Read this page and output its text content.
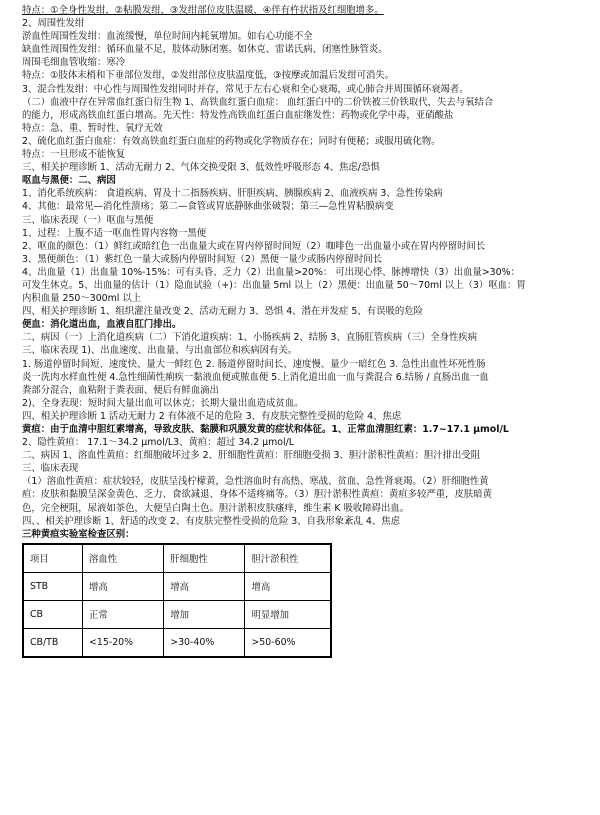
特点：①全身性发绀，②粘膜发绀，③发绀部位皮肤温暖，④伴有杵状指及红细胞增多。
2、周围性发绀
淤血性周围性发绀：血流缓慢，单位时间内耗氧增加。如右心功能不全
缺血性周围性发绀：循环血量不足，肢体动脉闭塞。如休克、雷诺氏病、闭塞性脉管炎。
周围毛细血管收缩：寒冷
特点：①肢体末梢和下垂部位发绀，②发绀部位皮肤温度低，③按摩或加温后发绀可消失。
3、混合性发绀：中心性与周围性发绀同时并存，常见于左右心衰和全心衰竭，或心肺合并周围循环衰竭者。
（二）血液中存在异常血红蛋白衍生物 1、高铁血红蛋白血症： 血红蛋白中的二价铁被三价铁取代，失去与氧结合
的能力，形成高铁血红蛋白增高。先天性：特发性高铁血红蛋白血症继发性：药物或化学中毒，亚硝酸盐
特点：急、重、暂时性、氧疗无效
2、硫化血红蛋白血症：有效高铁血红蛋白血症的药物或化学物质存在；同时有便秘；或服用硫化物。
特点：一旦形成不能恢复
三、相关护理诊断 1、活动无耐力 2、气体交换受限 3、低效性呼吸形态 4、焦虑/恐惧
呕血与黑便：二、病因
1、消化系统疾病： 食道疾病、胃及十二指肠疾病、肝胆疾病、胰腺疾病 2、血液疾病 3、急性传染病
4、其他：最常见—消化性溃疡；第二—食管或胃底静脉曲张破裂；第三—急性胃粘膜病变
三、临床表现（一）呕血与黑便
1、过程：上腹不适一呕血性胃内容物一黑便
2、呕血的颜色：（1）鲜红或暗红色一出血量大或在胃内停留时间短（2）咖啡色一出血量小或在胃内停留时间长
3、黑便颜色：（1）紫红色一量大或肠内停留时间短（2）黑便一量少或肠内停留时间长
4、出血量（1）出血量 10%-15%：可有头昏、乏力（2）出血量>20%： 可出现心悸、脉搏增快（3）出血量>30%：
可发生休克。5、出血量的估计（1）隐血试验（+)：出血量 5ml 以上（2）黑便：出血量 50～70ml 以上（3）呕血：胃
内积血量 250～300ml 以上
四、相关护理诊断 1、组织灌注量改变 2、活动无耐力 3、恐惧 4、潜在并发症 5、有误吸的危险
便血：消化道出血，血液自肛门排出。
二、病因（一）上消化道疾病（二）下消化道疾病：1、小肠疾病 2、结肠 3、直肠肛管疾病（三）全身性疾病
三、临床表现 1)、出血速度、出血量、与出血部位和疾病因有关。
1. 肠道停留时间短、速度快、量大一鲜红色 2. 肠道停留时间长、速度慢、量少一暗红色 3. 急性出血性坏死性肠
炎一洗肉水样血性便 4.急性细菌性痢疾一黏液血便或脓血便 5.上消化道出血一血与粪混合 6.结肠 / 直肠出血一血
粪部分混合，血粘附于粪表面、便后有鲜血滴出
2)、全身表现：短时间大量出血可以休克；长期大量出血造成贫血。
四、相关护理诊断 1 活动无耐力 2 有体液不足的危险 3、有皮肤完整性受损的危险 4、焦虑
黄疸：由于血清中胆红素增高，导致皮肤、黏膜和巩膜发黄的症状和体征。1、正常血清胆红素：1.7~17.1 μmol/L
2、隐性黄疸： 17.1～34.2 μmol/L3、黄疸：超过 34.2 μmol/L
二、病因 1、溶血性黄疸：红细胞破坏过多 2、肝细胞性黄疸：肝细胞受损 3、胆汁淤积性黄疸：胆汁排出受阻
三、临床表现
（1）溶血性黄疸：症状较轻，皮肤呈浅柠檬黄，急性溶血时有高热、寒战、贫血、急性肾衰竭。（2）肝细胞性黄
疸：皮肤和黏膜呈深金黄色、乏力、食欲减退、身体不适疼痛等。（3）胆汁淤积性黄疸：黄疸多较严重，皮肤暗黄
色，完全梗阻，尿液如茶色，大便呈白陶土色。胆汁淤积皮肤瘙痒，维生素 K 吸收障碍出血。
四、、相关护理诊断 1、舒适的改变 2、有皮肤完整性受损的危险 3、自我形象紊乱 4、焦虑
三种黄疸实验室检查区别：
项目	溶血性	肝细胞性	胆汁淤积性
STB	增高	增高	增高
CB	正常	增加	明显增加
CB/TB	<15-20%	>30-40%	>50-60%
